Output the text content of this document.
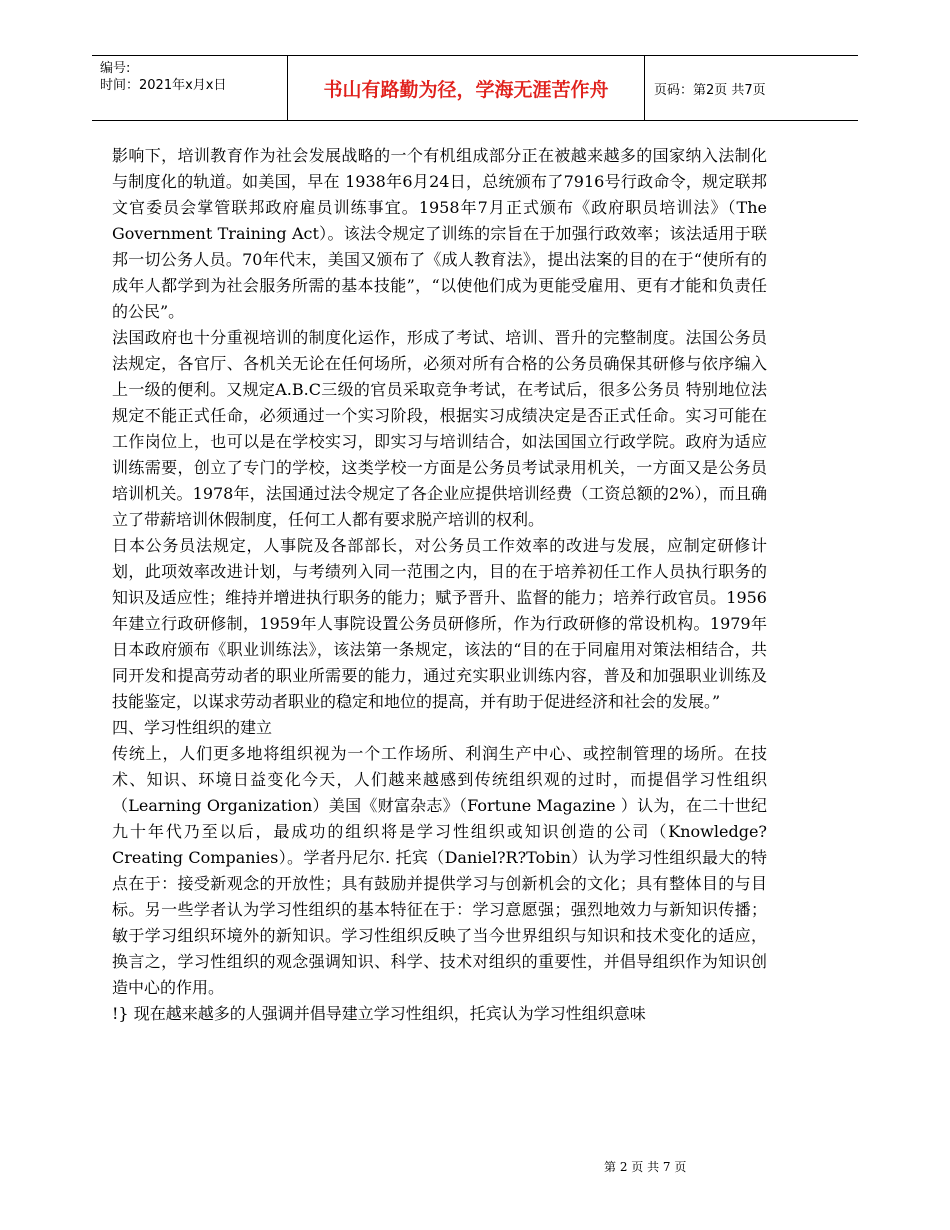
编号:
时间：2021年x月x日	书山有路勤为径，学海无涯苦作舟	页码：第2页 共7页

影响下，培训教育作为社会发展战略的一个有机组成部分正在被越来越多的国家纳入法制化与制度化的轨道。如美国，早在 1938年6月24日，总统颁布了7916号行政命令，规定联邦文官委员会掌管联邦政府雇员训练事宜。1958年7月正式颁布《政府职员培训法》（The Government Training Act）。该法令规定了训练的宗旨在于加强行政效率；该法适用于联邦一切公务人员。70年代末，美国又颁布了《成人教育法》，提出法案的目的在于“使所有的成年人都学到为社会服务所需的基本技能”，“以使他们成为更能受雇用、更有才能和负责任的公民”。

法国政府也十分重视培训的制度化运作，形成了考试、培训、晋升的完整制度。法国公务员法规定，各官厅、各机关无论在任何场所，必须对所有合格的公务员确保其研修与依序编入上一级的便利。又规定A.B.C三级的官员采取竞争考试，在考试后，很多公务员 特别地位法规定不能正式任命，必须通过一个实习阶段，根据实习成绩决定是否正式任命。实习可能在工作岗位上，也可以是在学校实习，即实习与培训结合，如法国国立行政学院。政府为适应训练需要，创立了专门的学校，这类学校一方面是公务员考试录用机关，一方面又是公务员培训机关。1978年，法国通过法令规定了各企业应提供培训经费（工资总额的2%），而且确立了带薪培训休假制度，任何工人都有要求脱产培训的权利。

日本公务员法规定，人事院及各部部长，对公务员工作效率的改进与发展，应制定研修计划，此项效率改进计划，与考绩列入同一范围之内，目的在于培养初任工作人员执行职务的知识及适应性；维持并增进执行职务的能力；赋予晋升、监督的能力；培养行政官员。1956年建立行政研修制，1959年人事院设置公务员研修所，作为行政研修的常设机构。1979年日本政府颁布《职业训练法》，该法第一条规定，该法的“目的在于同雇用对策法相结合，共同开发和提高劳动者的职业所需要的能力，通过充实职业训练内容，普及和加强职业训练及技能鉴定，以谋求劳动者职业的稳定和地位的提高，并有助于促进经济和社会的发展。”

四、学习性组织的建立

传统上，人们更多地将组织视为一个工作场所、利润生产中心、或控制管理的场所。在技术、知识、环境日益变化今天，人们越来越感到传统组织观的过时，而提倡学习性组织（Learning Organization）美国《财富杂志》（Fortune Magazine ）认为，在二十世纪九十年代乃至以后，最成功的组织将是学习性组织或知识创造的公司（Knowledge? Creating Companies）。学者丹尼尔. 托宾（Daniel?R?Tobin）认为学习性组织最大的特点在于：接受新观念的开放性；具有鼓励并提供学习与创新机会的文化；具有整体目的与目标。另一些学者认为学习性组织的基本特征在于：学习意愿强；强烈地效力与新知识传播；敏于学习组织环境外的新知识。学习性组织反映了当今世界组织与知识和技术变化的适应，换言之，学习性组织的观念强调知识、科学、技术对组织的重要性，并倡导组织作为知识创造中心的作用。

!} 现在越来越多的人强调并倡导建立学习性组织，托宾认为学习性组织意味

第 2 页 共 7 页
